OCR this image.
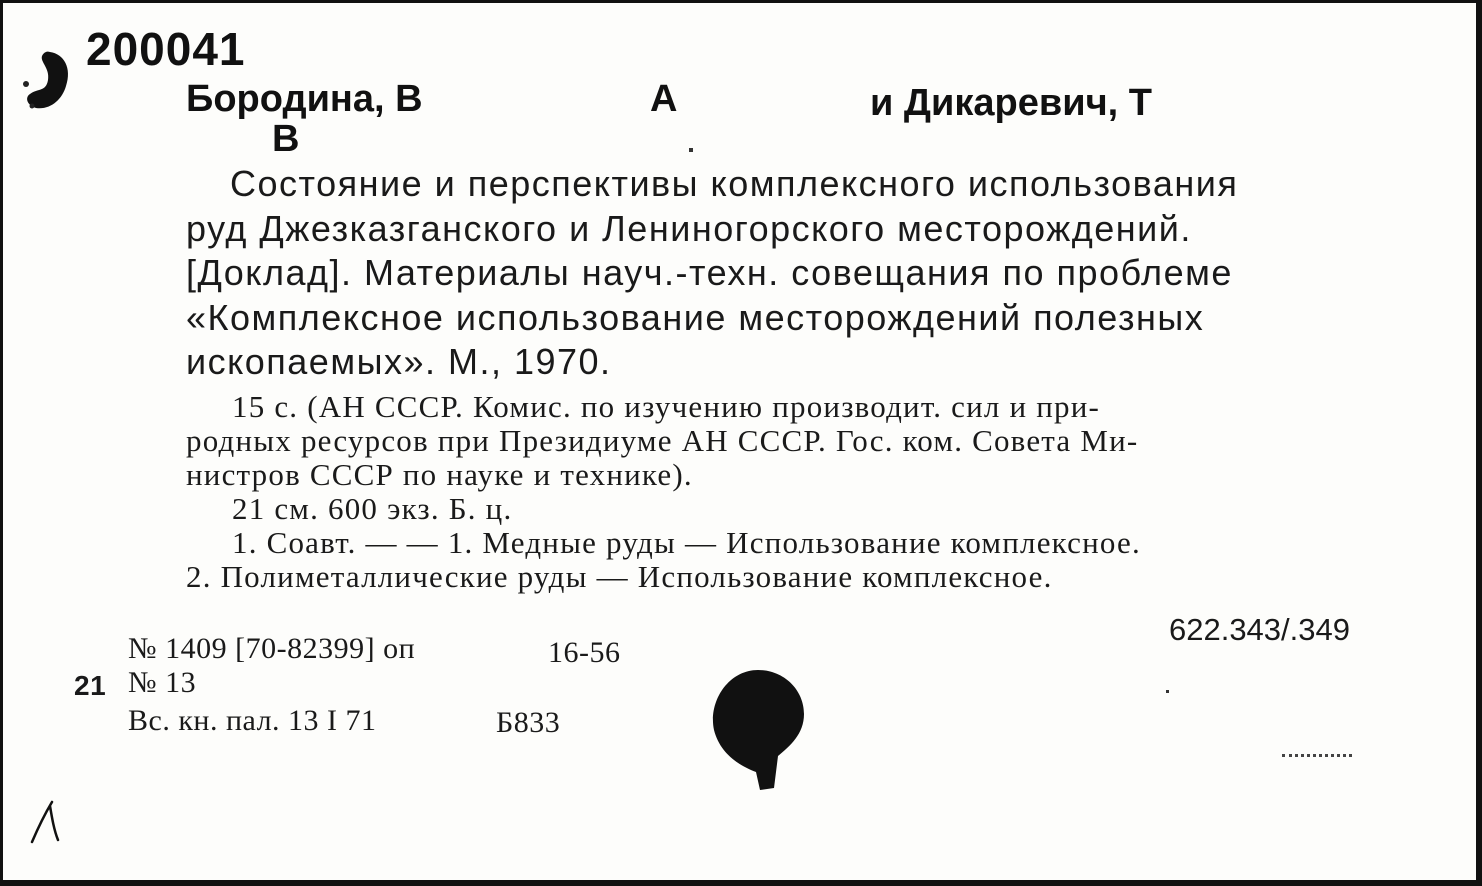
200041
Бородина, В	А	и Дикаревич, Т
В
Состояние и перспективы комплексного использования
руд Джезказганского и Лениногорского месторождений.
[Доклад]. Материалы науч.-техн. совещания по проблеме
«Комплексное использование месторождений полезных
ископаемых». М., 1970.
15 с. (АН СССР. Комис. по изучению производит. сил и при-
родных ресурсов при Президиуме АН СССР. Гос. ком. Совета Ми-
нистров СССР по науке и технике).
21 см. 600 экз. Б. ц.
1. Соавт. — — 1. Медные руды — Использование комплексное.
2. Полиметаллические руды — Использование комплексное.
622.343/.349
№ 1409 [70-82399] оп	16-56
21 № 13
Вс. кн. пал. 13 I 71	Б833
